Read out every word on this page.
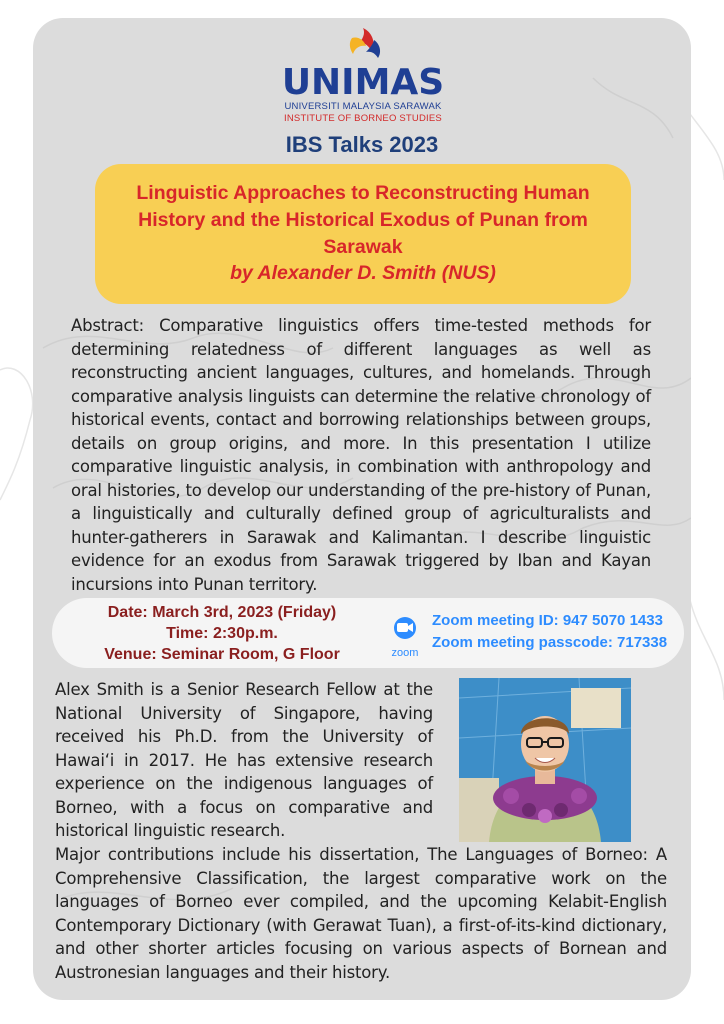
UNIMAS
UNIVERSITI MALAYSIA SARAWAK
INSTITUTE OF BORNEO STUDIES
IBS Talks 2023
Linguistic Approaches to Reconstructing Human
History and the Historical Exodus of Punan from
Sarawak
by Alexander D. Smith (NUS)
Abstract: Comparative linguistics offers time-tested methods for determining relatedness of different languages as well as reconstructing ancient languages, cultures, and homelands. Through comparative analysis linguists can determine the relative chronology of historical events, contact and borrowing relationships between groups, details on group origins, and more. In this presentation I utilize comparative linguistic analysis, in combination with anthropology and oral histories, to develop our understanding of the pre-history of Punan, a linguistically and culturally defined group of agriculturalists and hunter-gatherers in Sarawak and Kalimantan. I describe linguistic evidence for an exodus from Sarawak triggered by Iban and Kayan incursions into Punan territory.
Date: March 3rd, 2023 (Friday)
Time: 2:30p.m.
Venue: Seminar Room, G Floor	zoom
Zoom meeting ID: 947 5070 1433
Zoom meeting passcode: 717338
Alex Smith is a Senior Research Fellow at the National University of Singapore, having received his Ph.D. from the University of Hawaiʻi in 2017. He has extensive research experience on the indigenous languages of Borneo, with a focus on comparative and historical linguistic research.
Major contributions include his dissertation, The Languages of Borneo: A Comprehensive Classification, the largest comparative work on the languages of Borneo ever compiled, and the upcoming Kelabit-English Contemporary Dictionary (with Gerawat Tuan), a first-of-its-kind dictionary, and other shorter articles focusing on various aspects of Bornean and Austronesian languages and their history.
